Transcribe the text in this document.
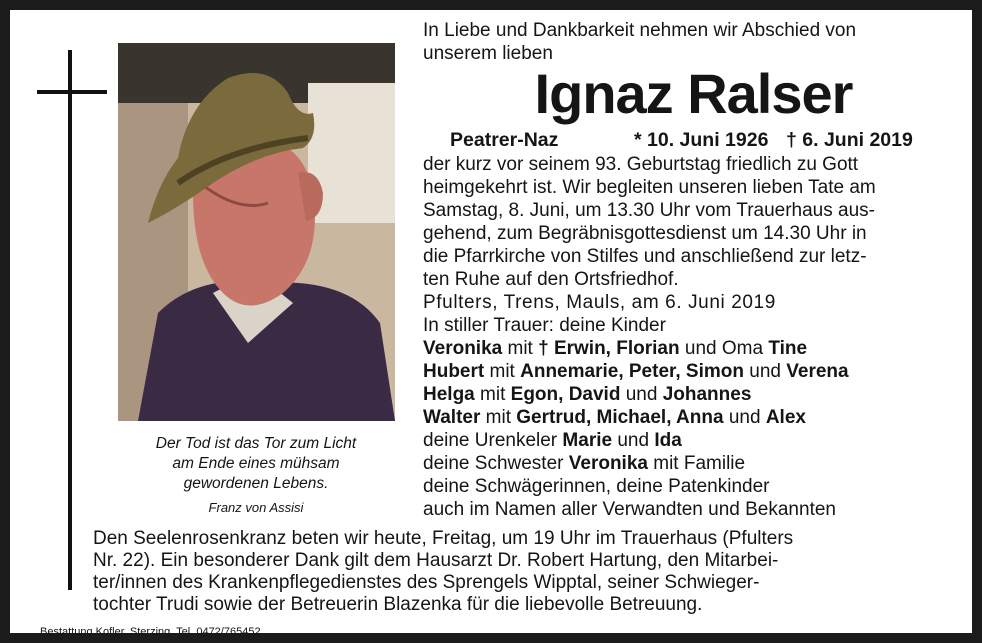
Der Tod ist das Tor zum Licht
am Ende eines mühsam
gewordenen Lebens.
Franz von Assisi
In Liebe und Dankbarkeit nehmen wir Abschied von
unserem lieben
Ignaz Ralser
Peatrer-Naz	* 10. Juni 1926 † 6. Juni 2019
der kurz vor seinem 93. Geburtstag friedlich zu Gott
heimgekehrt ist. Wir begleiten unseren lieben Tate am
Samstag, 8. Juni, um 13.30 Uhr vom Trauerhaus aus-
gehend, zum Begräbnisgottesdienst um 14.30 Uhr in
die Pfarrkirche von Stilfes und anschließend zur letz-
ten Ruhe auf den Ortsfriedhof.
Pfulters, Trens, Mauls, am 6. Juni 2019
In stiller Trauer: deine Kinder
Veronika mit † Erwin, Florian und Oma Tine
Hubert mit Annemarie, Peter, Simon und Verena
Helga mit Egon, David und Johannes
Walter mit Gertrud, Michael, Anna und Alex
deine Urenkeler Marie und Ida
deine Schwester Veronika mit Familie
deine Schwägerinnen, deine Patenkinder
auch im Namen aller Verwandten und Bekannten
Den Seelenrosenkranz beten wir heute, Freitag, um 19 Uhr im Trauerhaus (Pfulters
Nr. 22). Ein besonderer Dank gilt dem Hausarzt Dr. Robert Hartung, den Mitarbei-
ter/innen des Krankenpflegedienstes des Sprengels Wipptal, seiner Schwieger-
tochter Trudi sowie der Betreuerin Blazenka für die liebevolle Betreuung.
Bestattung Kofler, Sterzing, Tel. 0472/765452
